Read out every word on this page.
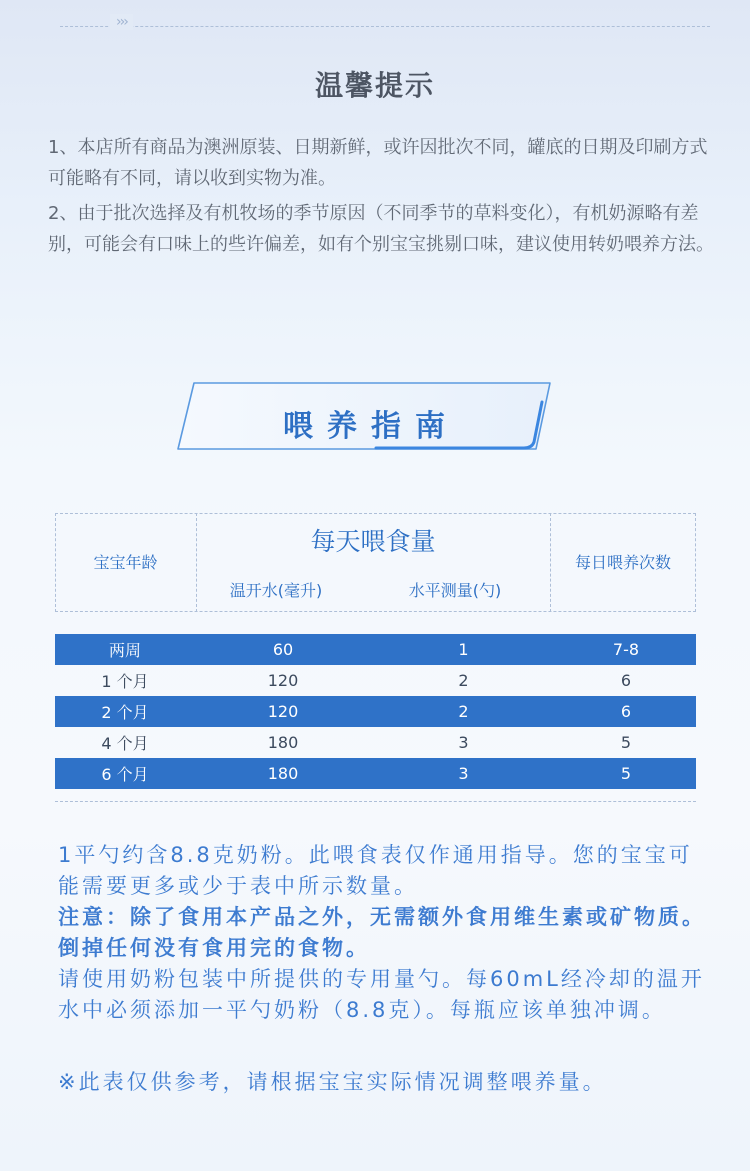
›››
温馨提示

1、本店所有商品为澳洲原装、日期新鲜，或许因批次不同，罐底的日期及印刷方式可能略有不同，请以收到实物为准。

2、由于批次选择及有机牧场的季节原因（不同季节的草料变化），有机奶源略有差别，可能会有口味上的些许偏差，如有个别宝宝挑剔口味，建议使用转奶喂养方法。

喂养指南
宝宝年龄
每天喂食量
温开水(毫升)	水平测量(勺)
每日喂养次数
两周	60	1	7-8
1 个月	120	2	6
2 个月	120	2	6
4 个月	180	3	5
6 个月	180	3	5

1平勺约含8.8克奶粉。此喂食表仅作通用指导。您的宝宝可能需要更多或少于表中所示数量。

注意：除了食用本产品之外，无需额外食用维生素或矿物质。倒掉任何没有食用完的食物。

请使用奶粉包装中所提供的专用量勺。每60mL经冷却的温开水中必须添加一平勺奶粉（8.8克）。每瓶应该单独冲调。

※此表仅供参考，请根据宝宝实际情况调整喂养量。
